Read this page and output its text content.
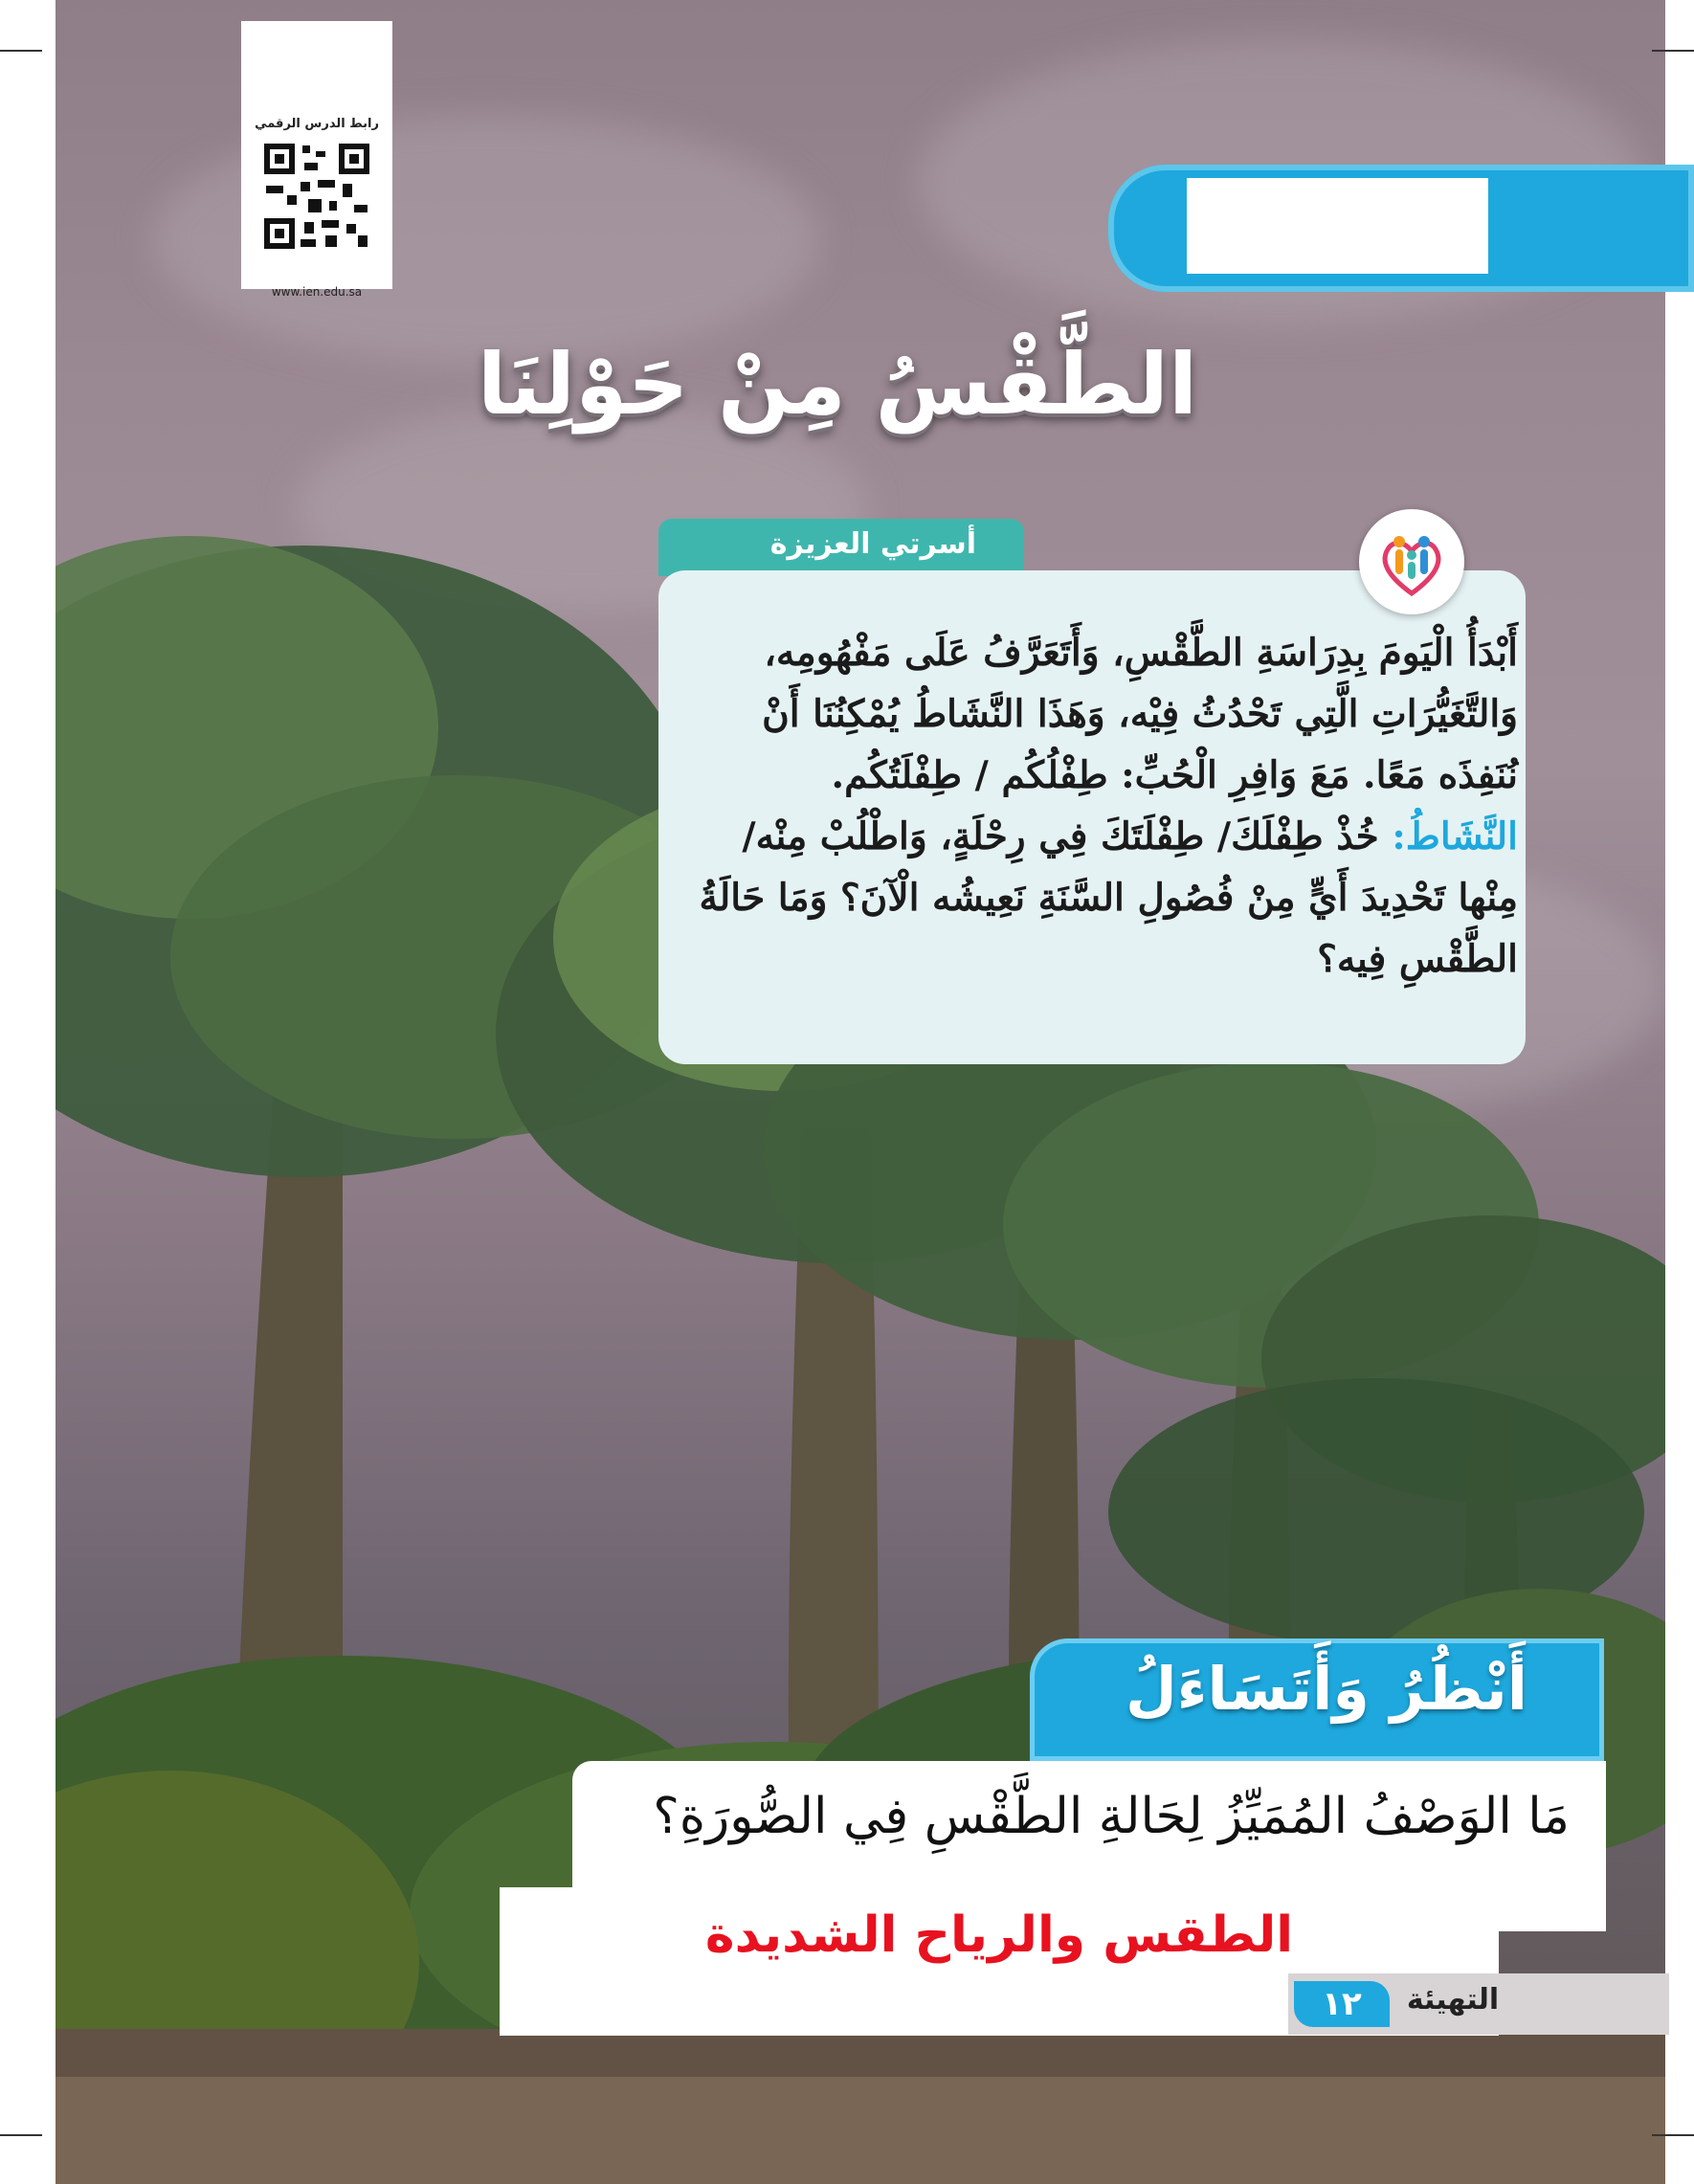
رابط الدرس الرقمي
www.ien.edu.sa
الطَّقْسُ مِنْ حَوْلِنَا
أسرتي العزيزة
أَبْدَأُ الْيَومَ بِدِرَاسَةِ الطَّقْسِ، وَأَتَعَرَّفُ عَلَى مَفْهُومِه، وَالتَّغَيُّرَاتِ الَّتِي تَحْدُثُ فِيْه، وَهَذَا النَّشَاطُ يُمْكِنُنَا أَنْ نُنَفِذَه مَعًا. مَعَ وَافِرِ الْحُبِّ: طِفْلُكُم / طِفْلَتُكُم.
النَّشَاطُ: خُذْ طِفْلَكَ/ طِفْلَتَكَ فِي رِحْلَةٍ، وَاطْلُبْ مِنْه/ مِنْها تَحْدِيدَ أَيٍّ مِنْ فُصُولِ السَّنَةِ نَعِيشُه الْآنَ؟ وَمَا حَالَةُ الطَّقْسِ فِيه؟
أَنْظُرُ وَأَتَسَاءَلُ
مَا الوَصْفُ المُمَيِّزُ لِحَالةِ الطَّقْسِ فِي الصُّورَةِ؟
الطقس والرياح الشديدة
١٢	التهيئة
